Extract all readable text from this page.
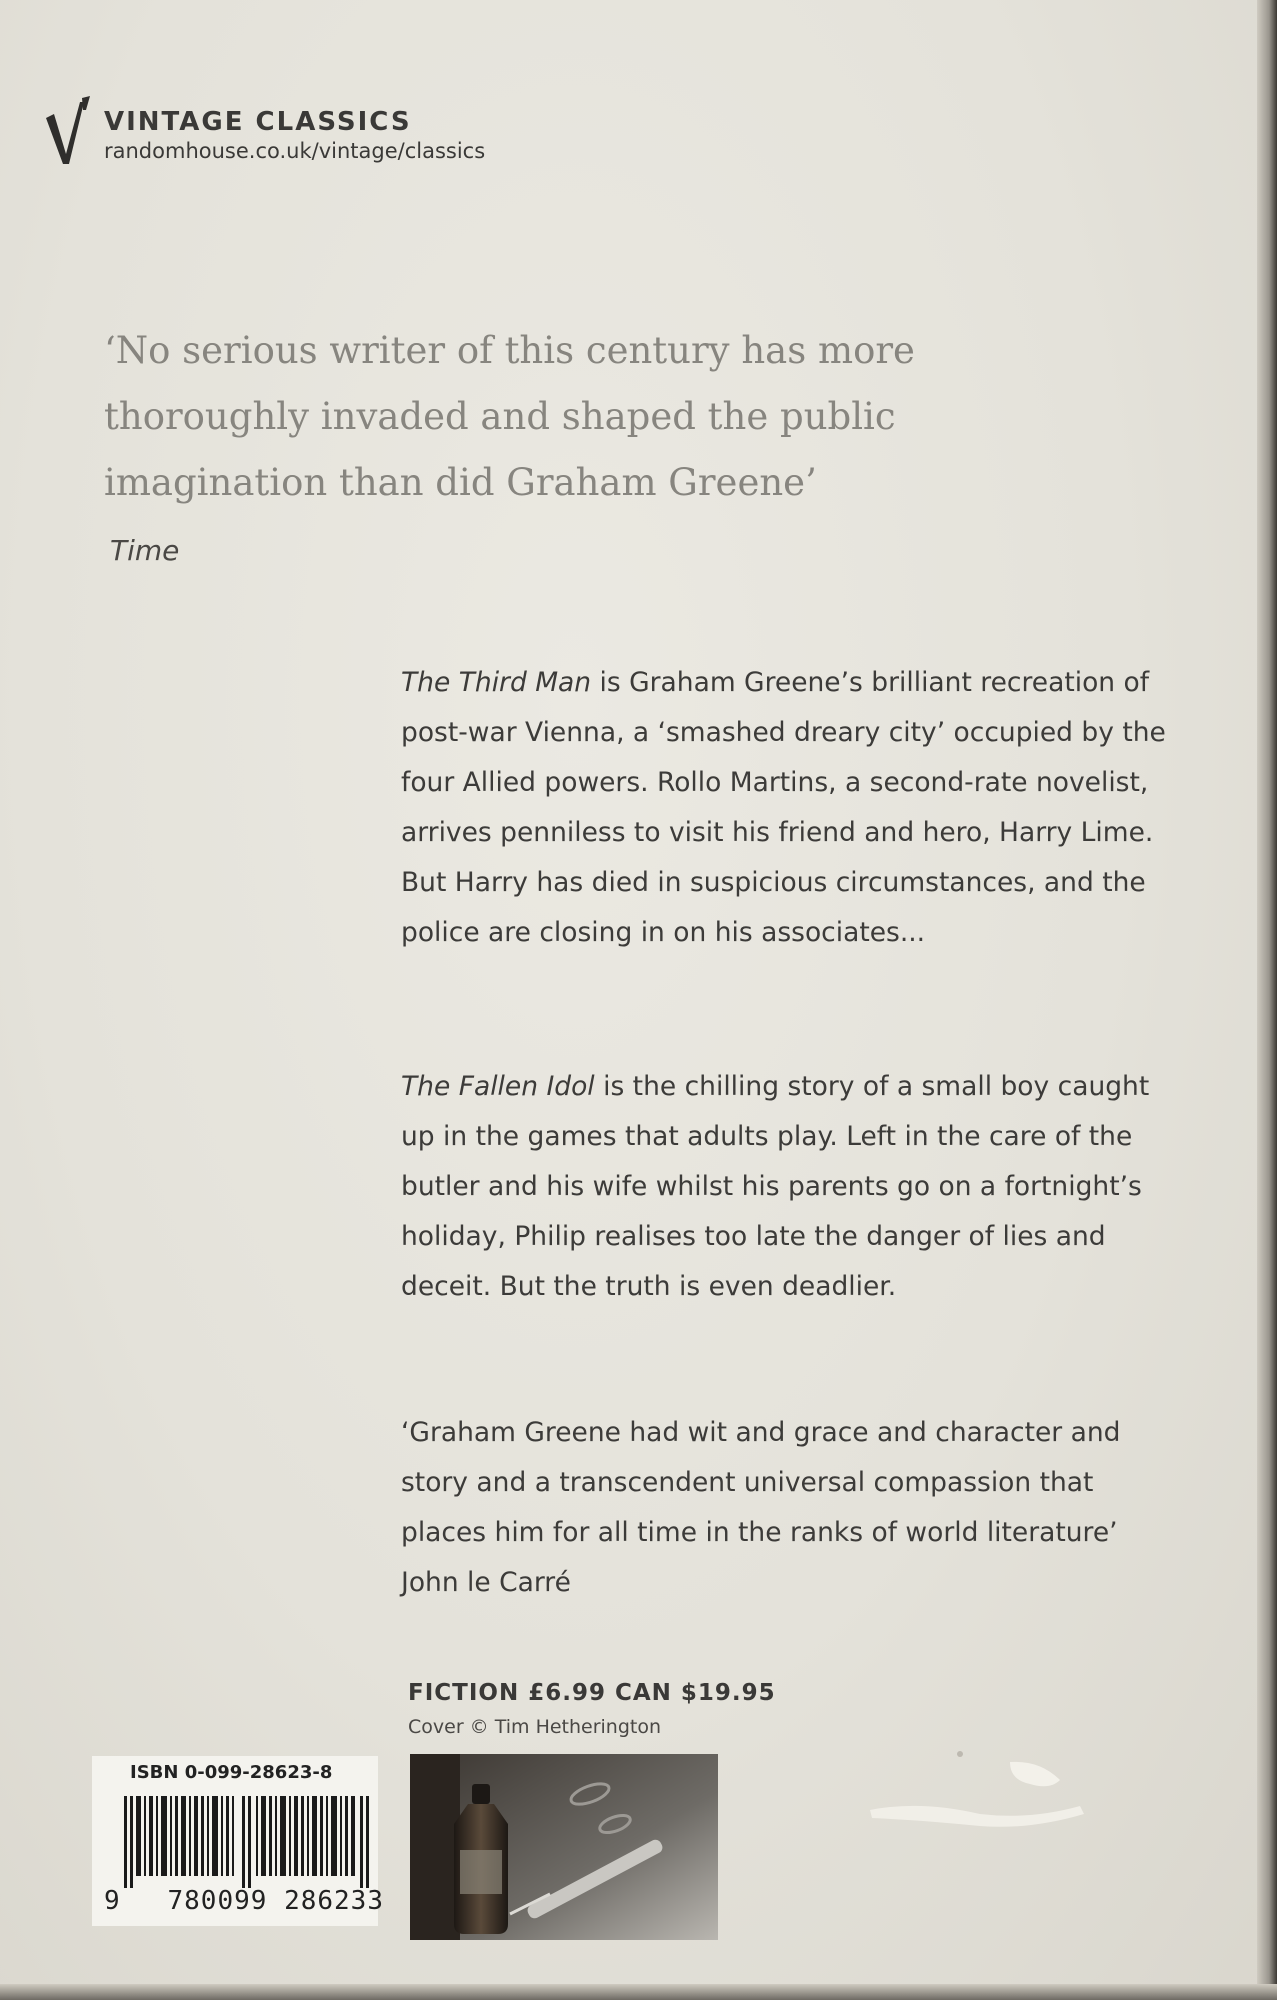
VINTAGE CLASSICS
randomhouse.co.uk/vintage/classics

‘No serious writer of this century has more
thoroughly invaded and shaped the public
imagination than did Graham Greene’

Time

The Third Man is Graham Greene’s brilliant recreation of post-war Vienna, a ‘smashed dreary city’ occupied by the four Allied powers. Rollo Martins, a second-rate novelist, arrives penniless to visit his friend and hero, Harry Lime. But Harry has died in suspicious circumstances, and the police are closing in on his associates...

The Fallen Idol is the chilling story of a small boy caught up in the games that adults play. Left in the care of the butler and his wife whilst his parents go on a fortnight’s holiday, Philip realises too late the danger of lies and deceit. But the truth is even deadlier.

‘Graham Greene had wit and grace and character and story and a transcendent universal compassion that places him for all time in the ranks of world literature’ John le Carré

FICTION £6.99 CAN $19.95
Cover © Tim Hetherington
ISBN 0-099-28623-8
9	780099 286233
